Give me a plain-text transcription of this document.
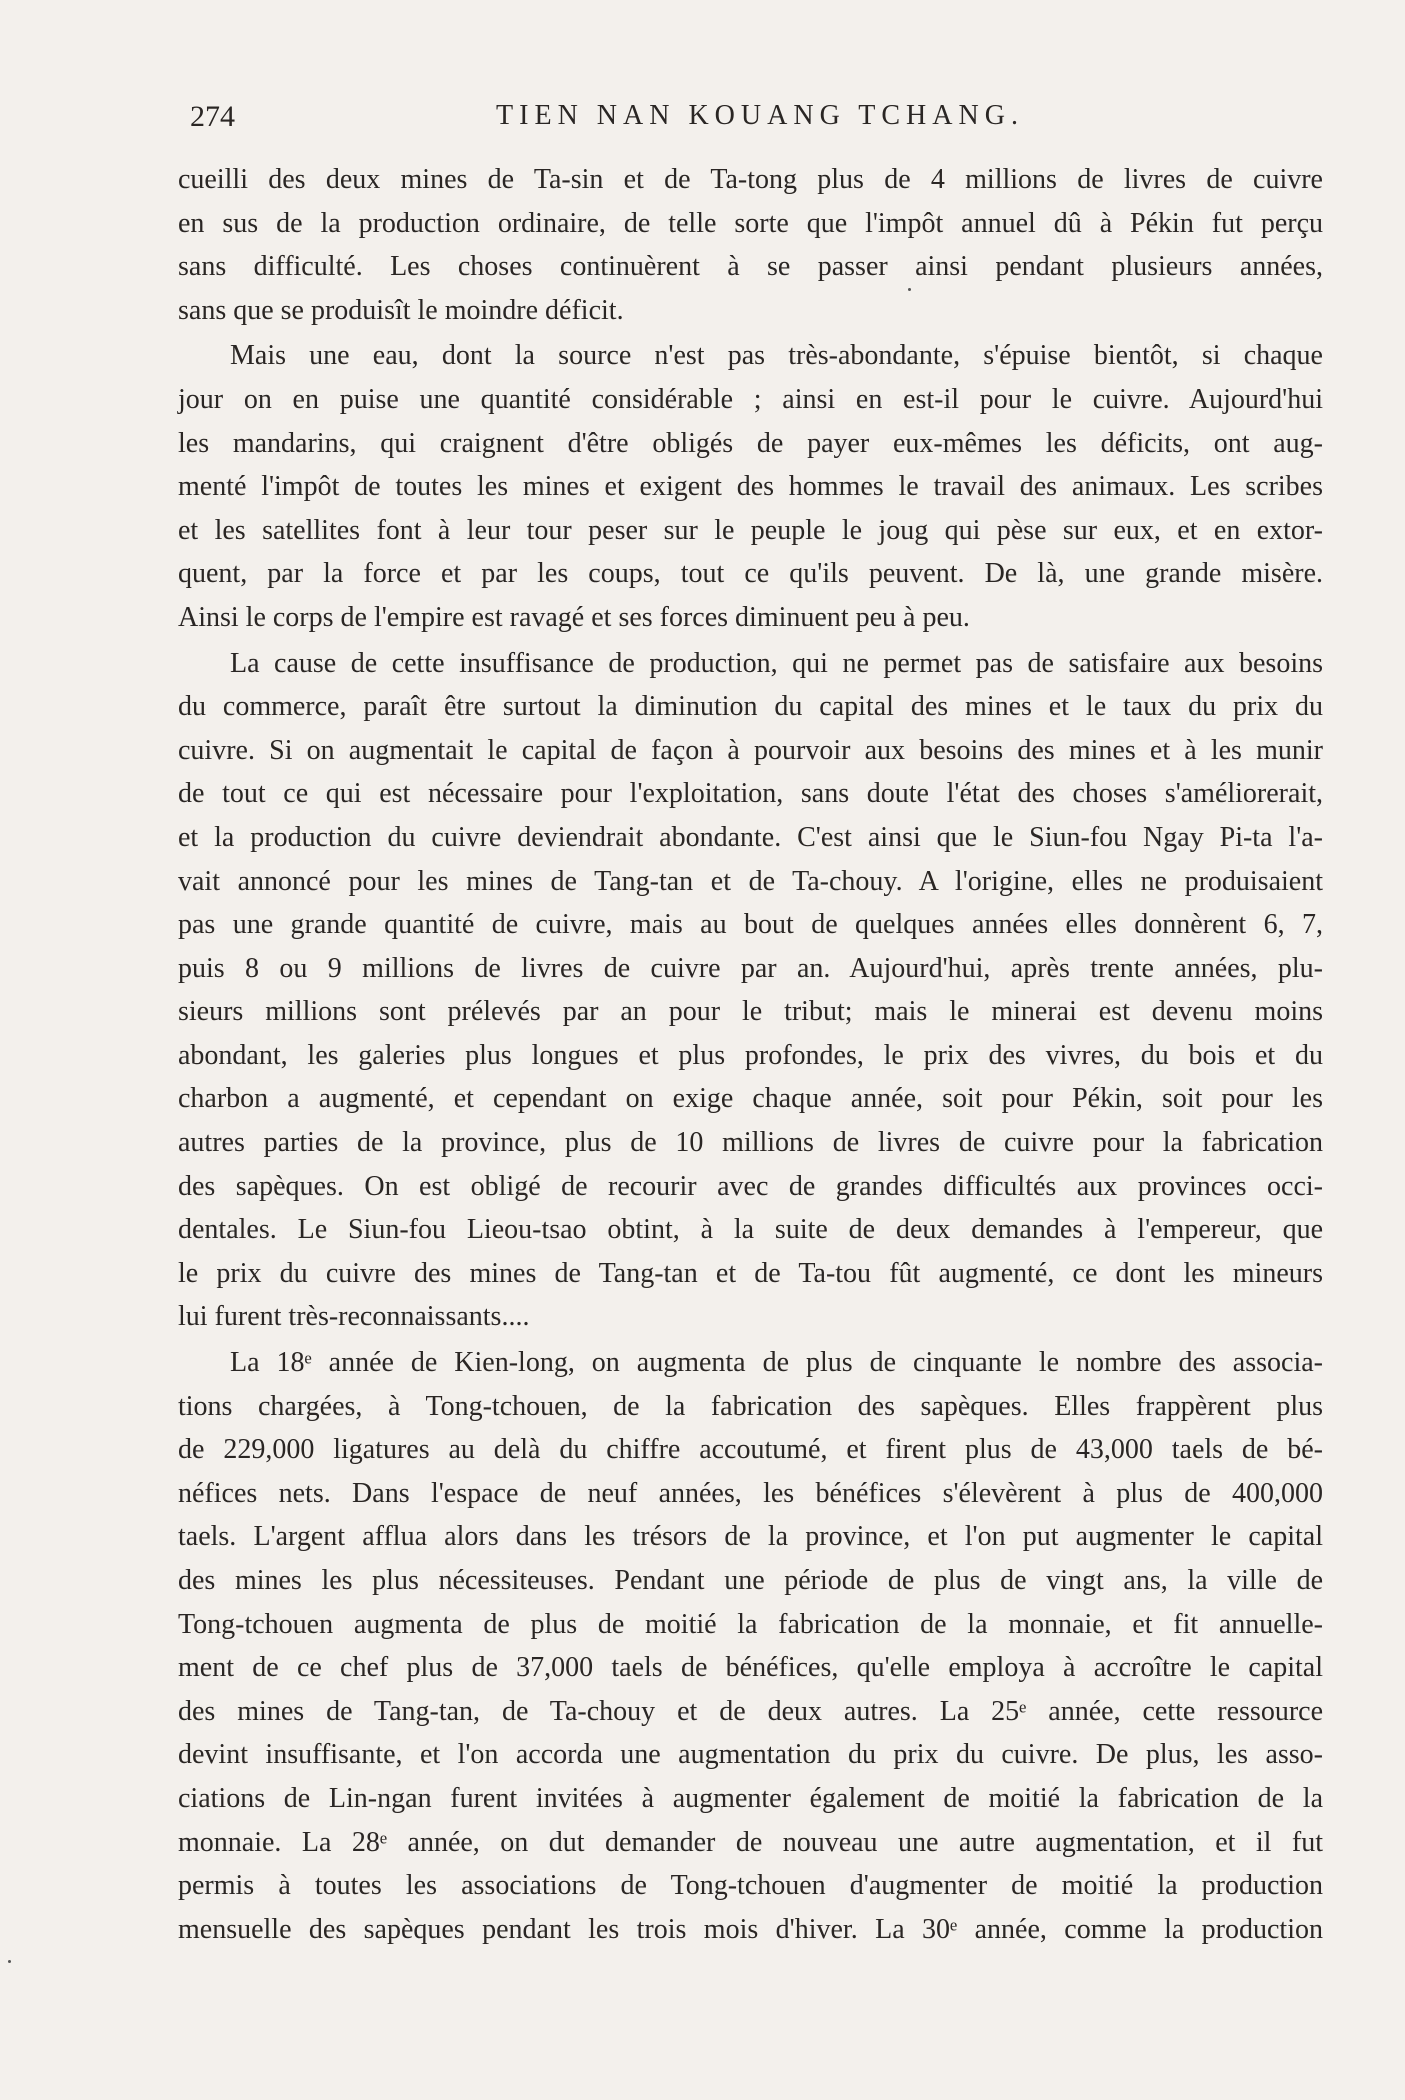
274	TIEN NAN KOUANG TCHANG.
cueilli des deux mines de Ta-sin et de Ta-tong plus de 4 millions de livres de cuivre
en sus de la production ordinaire, de telle sorte que l'impôt annuel dû à Pékin fut perçu
sans difficulté. Les choses continuèrent à se passer ainsi pendant plusieurs années,
sans que se produisît le moindre déficit.
Mais une eau, dont la source n'est pas très-abondante, s'épuise bientôt, si chaque
jour on en puise une quantité considérable ; ainsi en est-il pour le cuivre. Aujourd'hui
les mandarins, qui craignent d'être obligés de payer eux-mêmes les déficits, ont aug-
menté l'impôt de toutes les mines et exigent des hommes le travail des animaux. Les scribes
et les satellites font à leur tour peser sur le peuple le joug qui pèse sur eux, et en extor-
quent, par la force et par les coups, tout ce qu'ils peuvent. De là, une grande misère.
Ainsi le corps de l'empire est ravagé et ses forces diminuent peu à peu.
La cause de cette insuffisance de production, qui ne permet pas de satisfaire aux besoins
du commerce, paraît être surtout la diminution du capital des mines et le taux du prix du
cuivre. Si on augmentait le capital de façon à pourvoir aux besoins des mines et à les munir
de tout ce qui est nécessaire pour l'exploitation, sans doute l'état des choses s'améliorerait,
et la production du cuivre deviendrait abondante. C'est ainsi que le Siun-fou Ngay Pi-ta l'a-
vait annoncé pour les mines de Tang-tan et de Ta-chouy. A l'origine, elles ne produisaient
pas une grande quantité de cuivre, mais au bout de quelques années elles donnèrent 6, 7,
puis 8 ou 9 millions de livres de cuivre par an. Aujourd'hui, après trente années, plu-
sieurs millions sont prélevés par an pour le tribut; mais le minerai est devenu moins
abondant, les galeries plus longues et plus profondes, le prix des vivres, du bois et du
charbon a augmenté, et cependant on exige chaque année, soit pour Pékin, soit pour les
autres parties de la province, plus de 10 millions de livres de cuivre pour la fabrication
des sapèques. On est obligé de recourir avec de grandes difficultés aux provinces occi-
dentales. Le Siun-fou Lieou-tsao obtint, à la suite de deux demandes à l'empereur, que
le prix du cuivre des mines de Tang-tan et de Ta-tou fût augmenté, ce dont les mineurs
lui furent très-reconnaissants....
La 18ᵉ année de Kien-long, on augmenta de plus de cinquante le nombre des associa-
tions chargées, à Tong-tchouen, de la fabrication des sapèques. Elles frappèrent plus
de 229,000 ligatures au delà du chiffre accoutumé, et firent plus de 43,000 taels de bé-
néfices nets. Dans l'espace de neuf années, les bénéfices s'élevèrent à plus de 400,000
taels. L'argent afflua alors dans les trésors de la province, et l'on put augmenter le capital
des mines les plus nécessiteuses. Pendant une période de plus de vingt ans, la ville de
Tong-tchouen augmenta de plus de moitié la fabrication de la monnaie, et fit annuelle-
ment de ce chef plus de 37,000 taels de bénéfices, qu'elle employa à accroître le capital
des mines de Tang-tan, de Ta-chouy et de deux autres. La 25ᵉ année, cette ressource
devint insuffisante, et l'on accorda une augmentation du prix du cuivre. De plus, les asso-
ciations de Lin-ngan furent invitées à augmenter également de moitié la fabrication de la
monnaie. La 28ᵉ année, on dut demander de nouveau une autre augmentation, et il fut
permis à toutes les associations de Tong-tchouen d'augmenter de moitié la production
mensuelle des sapèques pendant les trois mois d'hiver. La 30ᵉ année, comme la production
